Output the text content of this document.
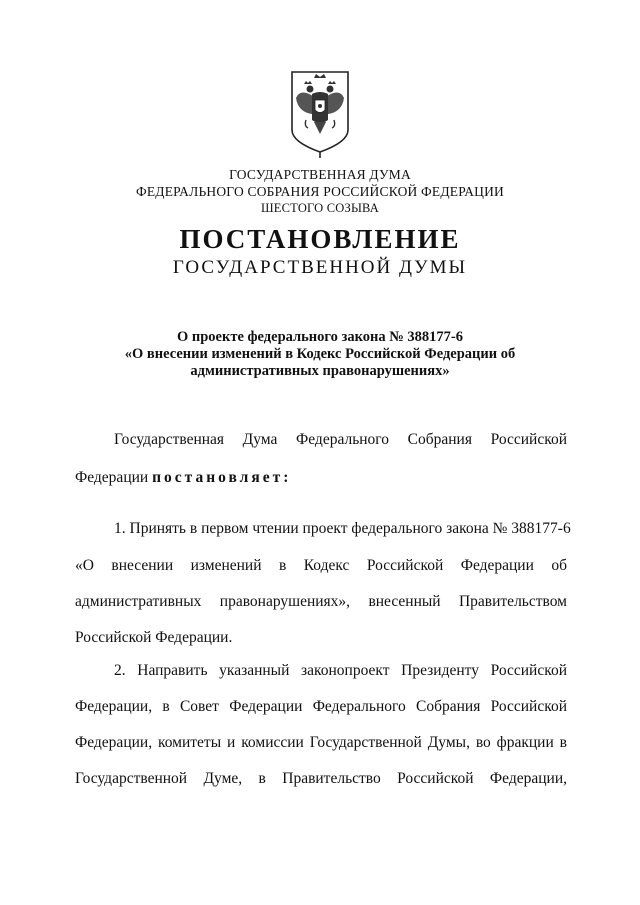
ГОСУДАРСТВЕННАЯ ДУМА
ФЕДЕРАЛЬНОГО СОБРАНИЯ РОССИЙСКОЙ ФЕДЕРАЦИИ
ШЕСТОГО СОЗЫВА
ПОСТАНОВЛЕНИЕ
ГОСУДАРСТВЕННОЙ ДУМЫ
О проекте федерального закона № 388177-6
«О внесении изменений в Кодекс Российской Федерации об
административных правонарушениях»
Государственная Дума Федерального Собрания Российской
Федерации постановляет:
1. Принять в первом чтении проект федерального закона № 388177-6
«О внесении изменений в Кодекс Российской Федерации об
административных правонарушениях», внесенный Правительством
Российской Федерации.
2. Направить указанный законопроект Президенту Российской
Федерации, в Совет Федерации Федерального Собрания Российской
Федерации, комитеты и комиссии Государственной Думы, во фракции в
Государственной Думе, в Правительство Российской Федерации,
